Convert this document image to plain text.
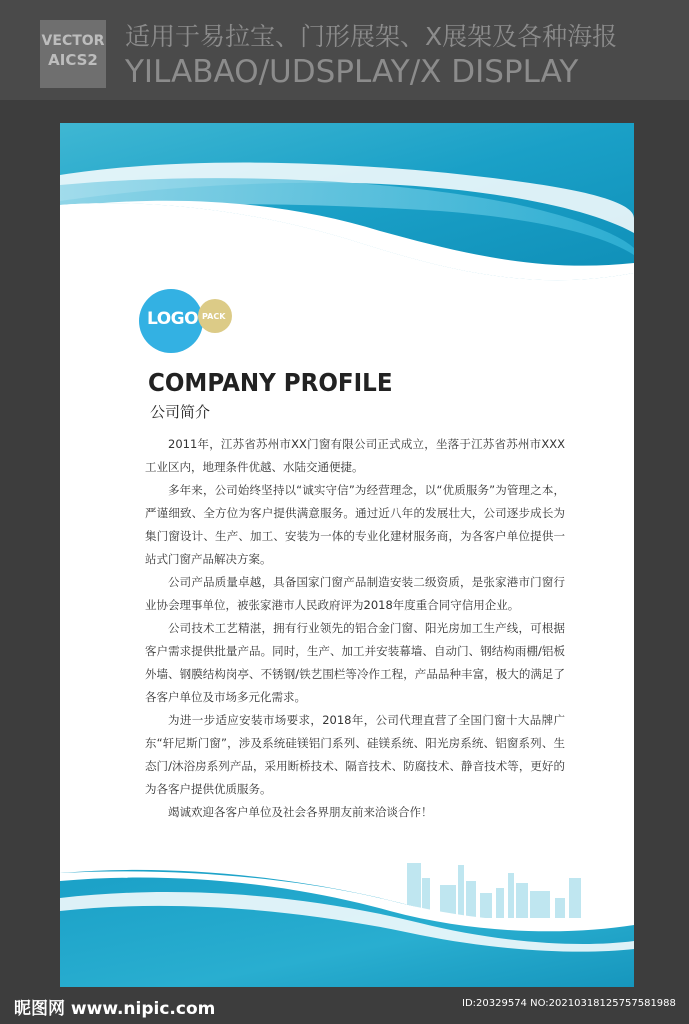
VECTOR
AICS2
适用于易拉宝、门形展架、X展架及各种海报
YILABAO/UDSPLAY/X DISPLAY
LOGO PACK
COMPANY PROFILE
公司简介

2011年，江苏省苏州市XX门窗有限公司正式成立，坐落于江苏省苏州市XXX工业区内，地理条件优越、水陆交通便捷。

多年来，公司始终坚持以“诚实守信”为经营理念，以“优质服务”为管理之本，严谨细致、全方位为客户提供满意服务。通过近八年的发展壮大，公司逐步成长为集门窗设计、生产、加工、安装为一体的专业化建材服务商，为各客户单位提供一站式门窗产品解决方案。

公司产品质量卓越，具备国家门窗产品制造安装二级资质，是张家港市门窗行业协会理事单位，被张家港市人民政府评为2018年度重合同守信用企业。

公司技术工艺精湛，拥有行业领先的铝合金门窗、阳光房加工生产线，可根据客户需求提供批量产品。同时，生产、加工并安装幕墙、自动门、钢结构雨棚/铝板外墙、钢膜结构岗亭、不锈钢/铁艺围栏等冷作工程，产品品种丰富，极大的满足了各客户单位及市场多元化需求。

为进一步适应安装市场要求，2018年，公司代理直营了全国门窗十大品牌广东“轩尼斯门窗”，涉及系统硅镁铝门系列、硅镁系统、阳光房系统、铝窗系列、生态门/沐浴房系列产品，采用断桥技术、隔音技术、防腐技术、静音技术等，更好的为各客户提供优质服务。

竭诚欢迎各客户单位及社会各界朋友前来洽谈合作！

昵图网 www.nipic.com	ID:20329574 NO:20210318125757581988
